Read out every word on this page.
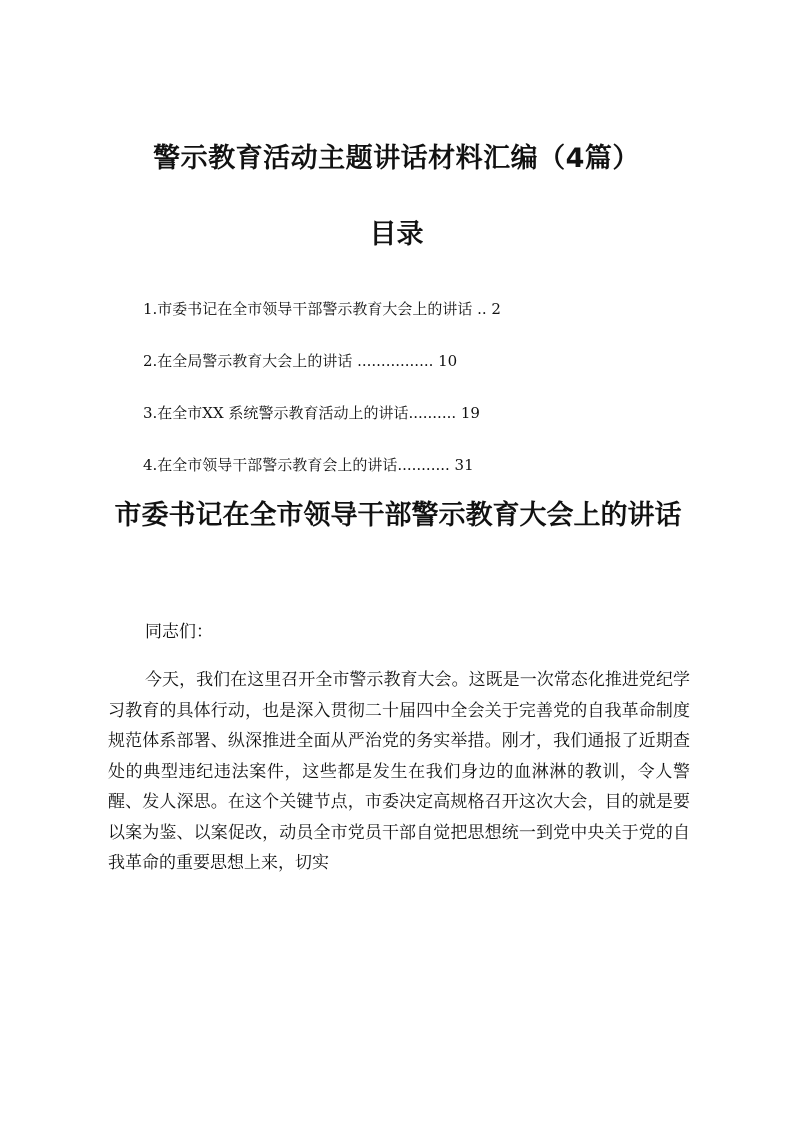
警示教育活动主题讲话材料汇编（4篇）
目录
1.市委书记在全市领导干部警示教育大会上的讲话 .. 2
2.在全局警示教育大会上的讲话 ................ 10
3.在全市XX 系统警示教育活动上的讲话.......... 19
4.在全市领导干部警示教育会上的讲话........... 31
市委书记在全市领导干部警示教育大会上的讲话
同志们：

今天，我们在这里召开全市警示教育大会。这既是一次常态化推进党纪学习教育的具体行动，也是深入贯彻二十届四中全会关于完善党的自我革命制度规范体系部署、纵深推进全面从严治党的务实举措。刚才，我们通报了近期查处的典型违纪违法案件，这些都是发生在我们身边的血淋淋的教训，令人警醒、发人深思。在这个关键节点，市委决定高规格召开这次大会，目的就是要以案为鉴、以案促改，动员全市党员干部自觉把思想统一到党中央关于党的自我革命的重要思想上来，切实
